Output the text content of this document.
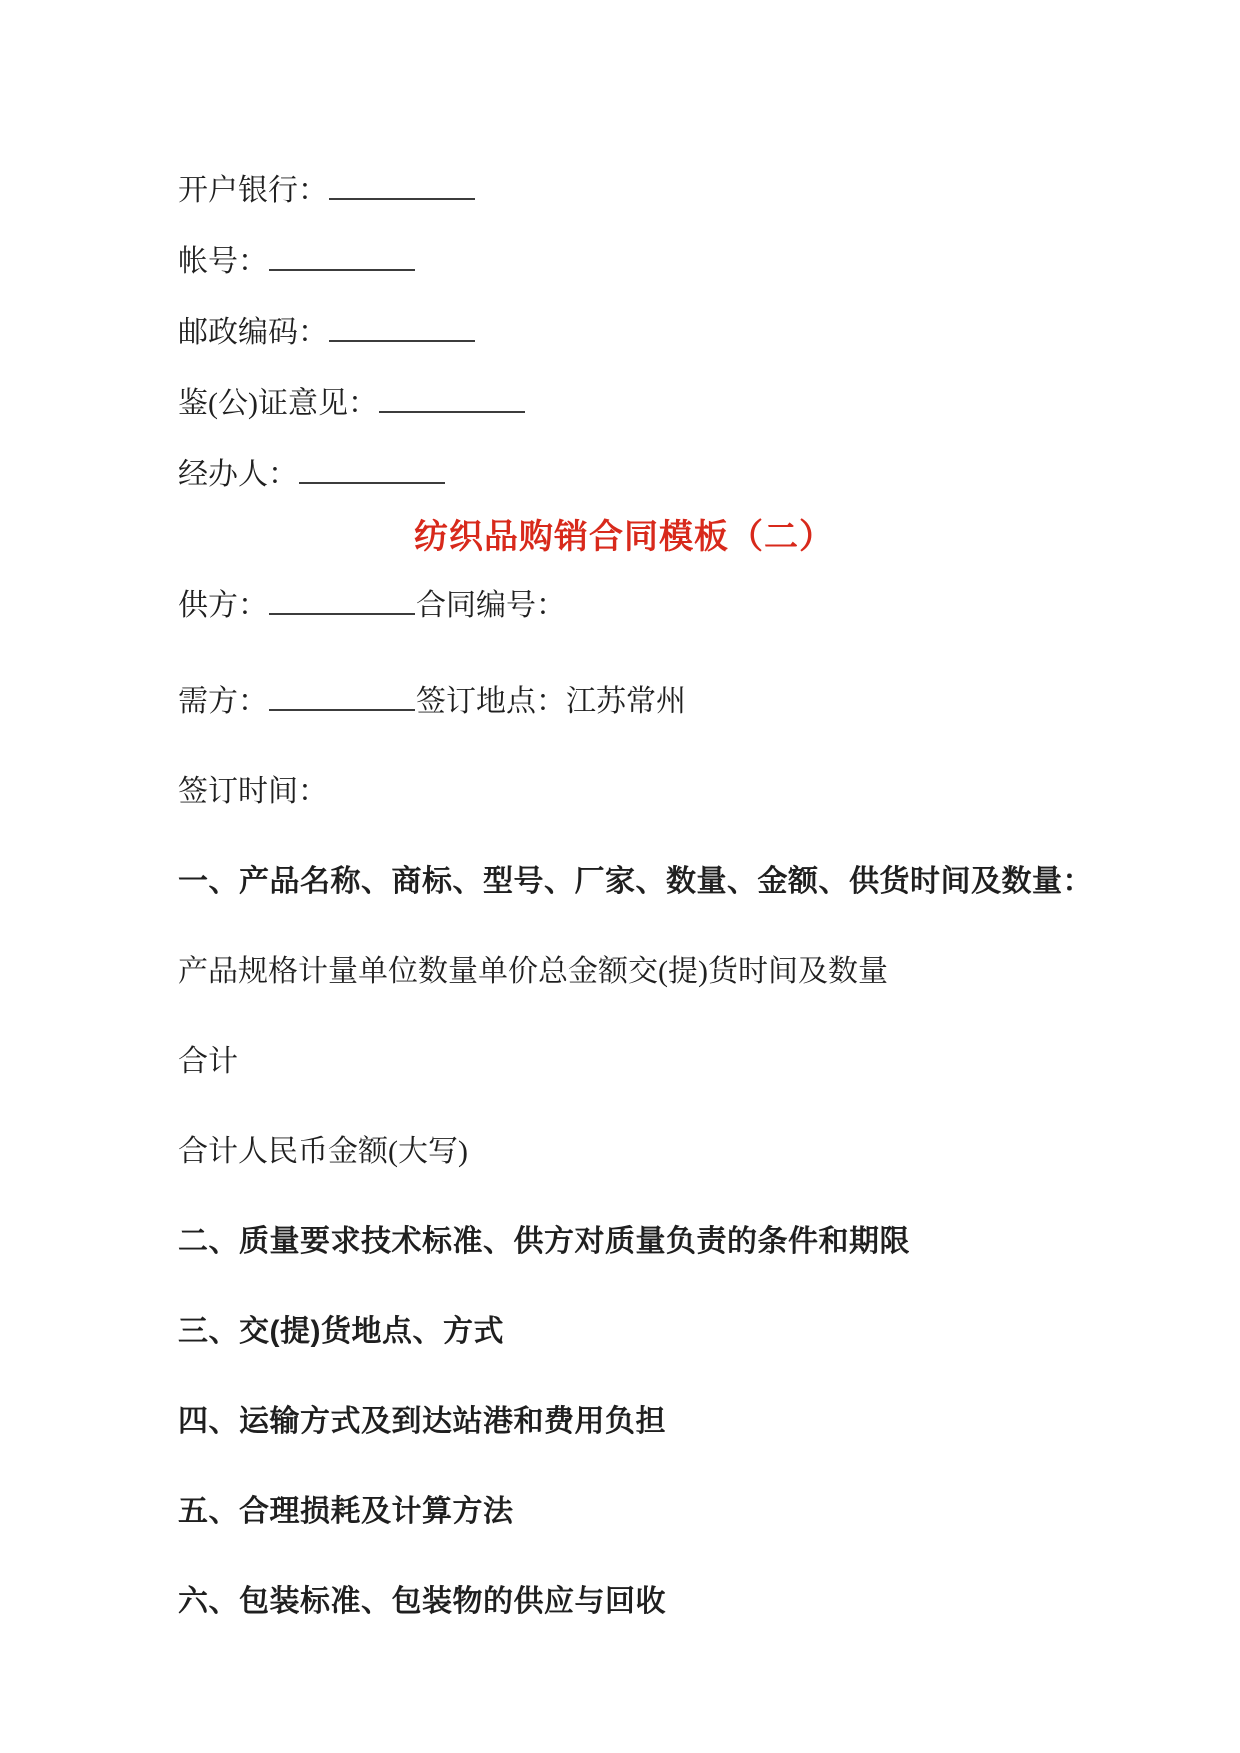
开户银行：

帐号：

邮政编码：

鉴(公)证意见：

经办人：

纺织品购销合同模板（二）

供方：	合同编号：

需方：	签订地点：江苏常州

签订时间：

一、产品名称、商标、型号、厂家、数量、金额、供货时间及数量：

产品规格计量单位数量单价总金额交(提)货时间及数量

合计

合计人民币金额(大写)

二、质量要求技术标准、供方对质量负责的条件和期限

三、交(提)货地点、方式

四、运输方式及到达站港和费用负担

五、合理损耗及计算方法

六、包装标准、包装物的供应与回收
